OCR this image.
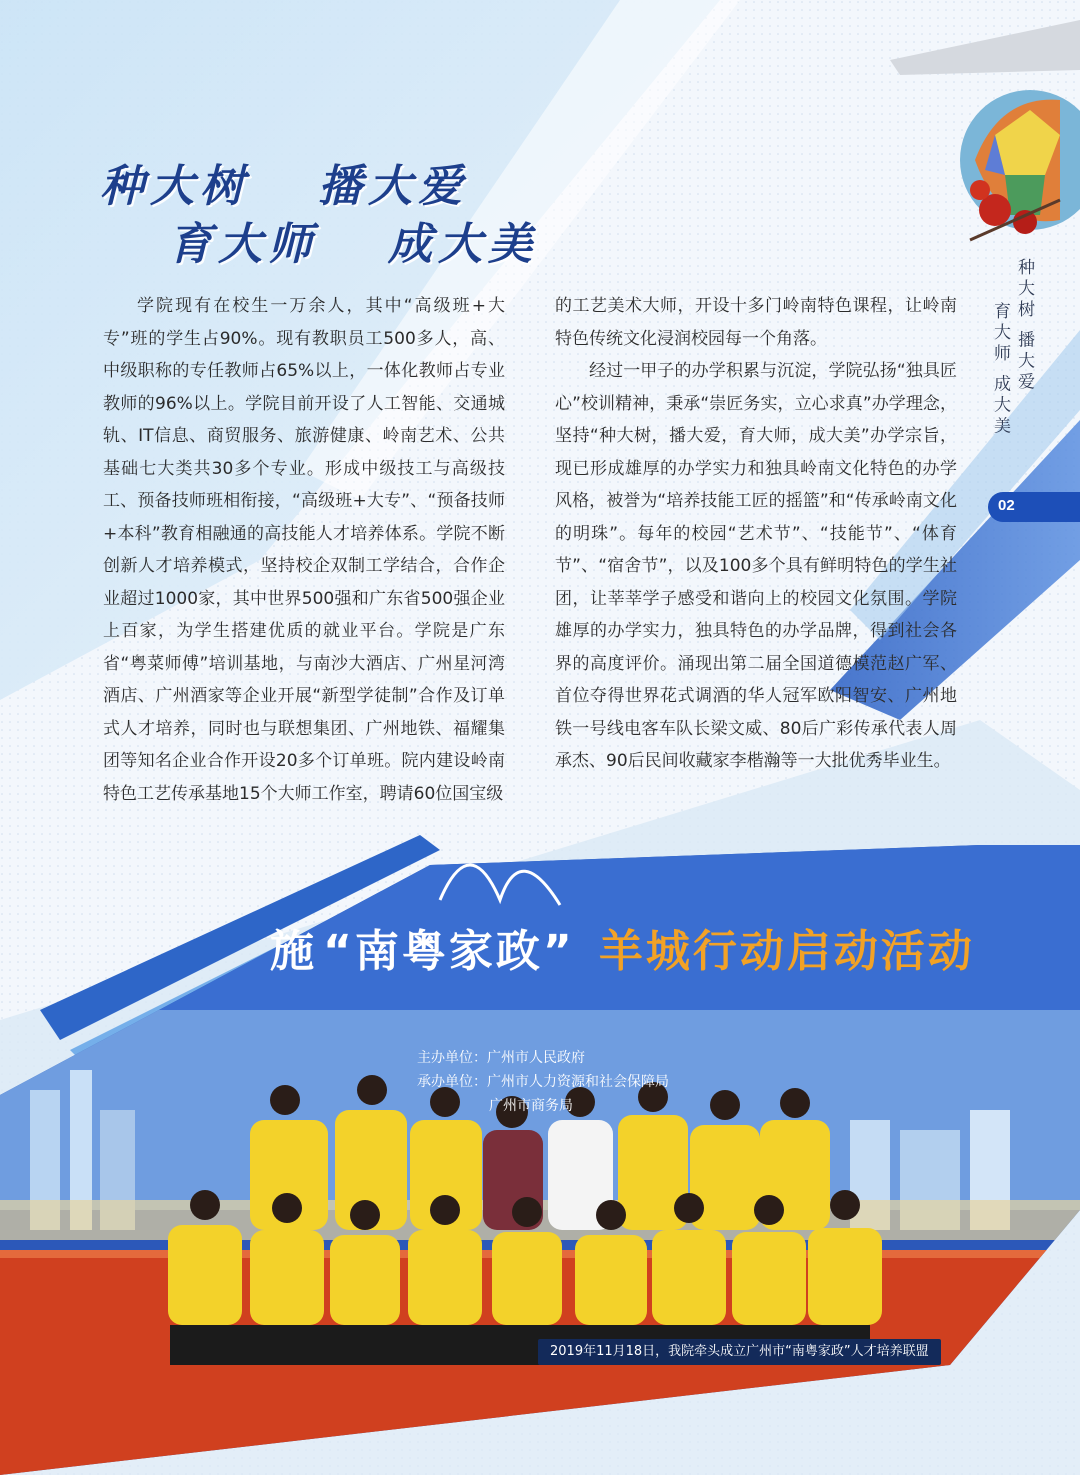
施 “南粤家政” 羊城行动启动活动
主办单位：广州市人民政府
承办单位：广州市人力资源和社会保障局
广州市商务局
种大树 播大爱
育大师 成大美
种大树 播大爱
育大师 成大美
02

学院现有在校生一万余人，其中“高级班+大专”班的学生占90%。现有教职员工500多人，高、中级职称的专任教师占65%以上，一体化教师占专业教师的96%以上。学院目前开设了人工智能、交通城轨、IT信息、商贸服务、旅游健康、岭南艺术、公共基础七大类共30多个专业。形成中级技工与高级技工、预备技师班相衔接，“高级班+大专”、“预备技师+本科”教育相融通的高技能人才培养体系。学院不断创新人才培养模式，坚持校企双制工学结合，合作企业超过1000家，其中世界500强和广东省500强企业上百家，为学生搭建优质的就业平台。学院是广东省“粤菜师傅”培训基地，与南沙大酒店、广州星河湾酒店、广州酒家等企业开展“新型学徒制”合作及订单式人才培养，同时也与联想集团、广州地铁、福耀集团等知名企业合作开设20多个订单班。院内建设岭南特色工艺传承基地15个大师工作室，聘请60位国宝级

的工艺美术大师，开设十多门岭南特色课程，让岭南特色传统文化浸润校园每一个角落。

经过一甲子的办学积累与沉淀，学院弘扬“独具匠心”校训精神，秉承“崇匠务实，立心求真”办学理念，坚持“种大树，播大爱，育大师，成大美”办学宗旨，现已形成雄厚的办学实力和独具岭南文化特色的办学风格，被誉为“培养技能工匠的摇篮”和“传承岭南文化的明珠”。每年的校园“艺术节”、“技能节”、“体育节”、“宿舍节”，以及100多个具有鲜明特色的学生社团，让莘莘学子感受和谐向上的校园文化氛围。学院雄厚的办学实力，独具特色的办学品牌，得到社会各界的高度评价。涌现出第二届全国道德模范赵广军、首位夺得世界花式调酒的华人冠军欧阳智安、广州地铁一号线电客车队长梁文威、80后广彩传承代表人周承杰、90后民间收藏家李楷瀚等一大批优秀毕业生。

2019年11月18日，我院牵头成立广州市“南粤家政”人才培养联盟
